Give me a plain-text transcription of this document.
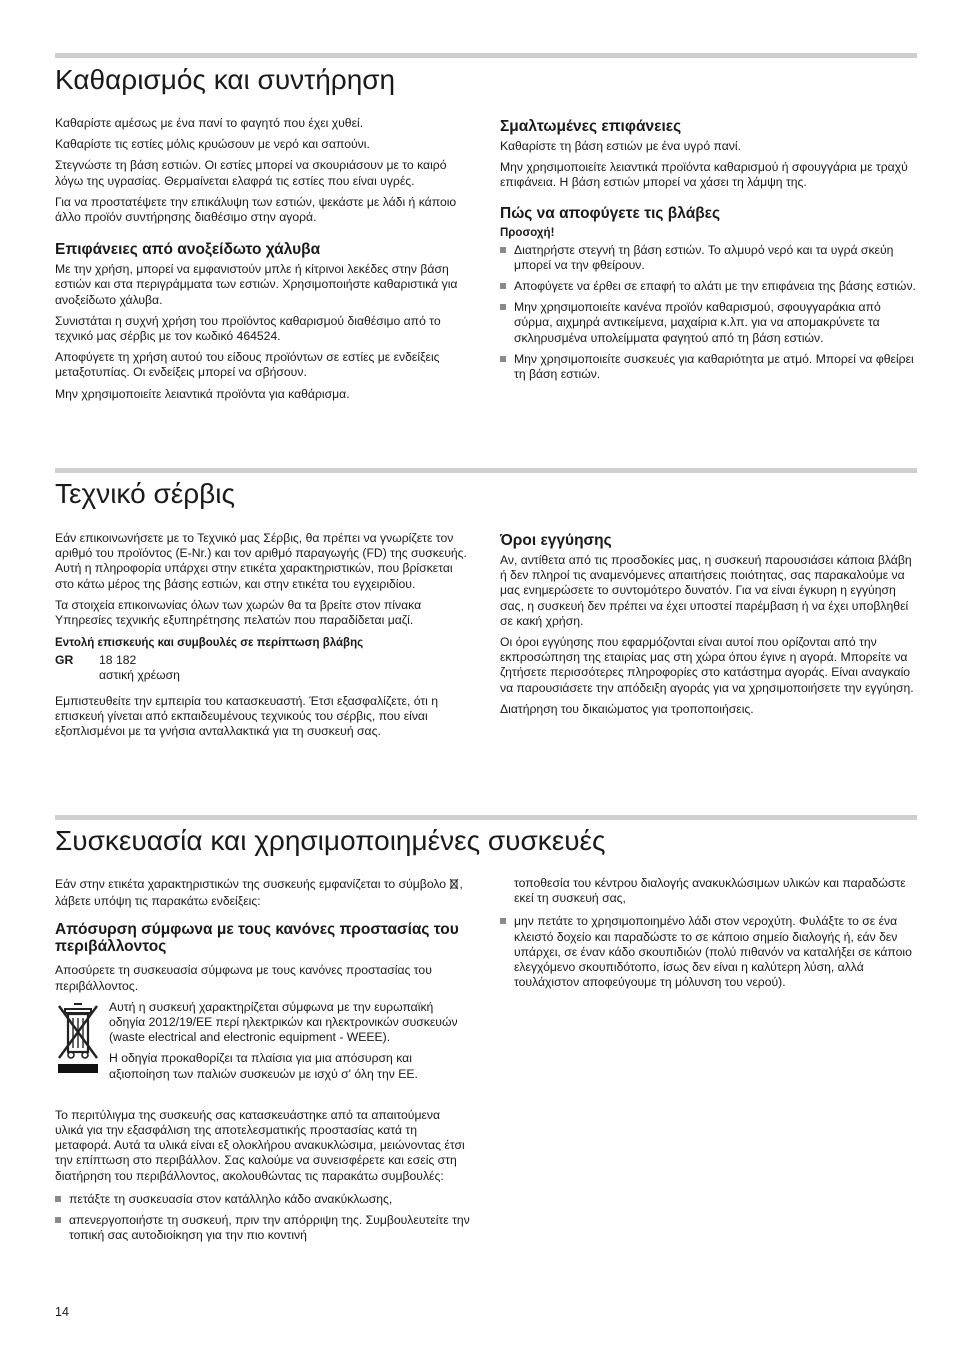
Καθαρισμός και συντήρηση

Καθαρίστε αμέσως με ένα πανί το φαγητό που έχει χυθεί.

Καθαρίστε τις εστίες μόλις κρυώσουν με νερό και σαπούνι.

Στεγνώστε τη βάση εστιών. Οι εστίες μπορεί να σκουριάσουν με το καιρό λόγω της υγρασίας. Θερμαίνεται ελαφρά τις εστίες που είναι υγρές.

Για να προστατέψετε την επικάλυψη των εστιών, ψεκάστε με λάδι ή κάποιο άλλο προϊόν συντήρησης διαθέσιμο στην αγορά.

Επιφάνειες από ανοξείδωτο χάλυβα

Με την χρήση, μπορεί να εμφανιστούν μπλε ή κίτρινοι λεκέδες στην βάση εστιών και στα περιγράμματα των εστιών. Χρησιμοποιήστε καθαριστικά για ανοξείδωτο χάλυβα.

Συνιστάται η συχνή χρήση του προϊόντος καθαρισμού διαθέσιμο από το τεχνικό μας σέρβις με τον κωδικό 464524.

Αποφύγετε τη χρήση αυτού του είδους προϊόντων σε εστίες με ενδείξεις μεταξοτυπίας. Οι ενδείξεις μπορεί να σβήσουν.

Μην χρησιμοποιείτε λειαντικά προϊόντα για καθάρισμα.

Σμαλτωμένες επιφάνειες

Καθαρίστε τη βάση εστιών με ένα υγρό πανί.

Μην χρησιμοποιείτε λειαντικά προϊόντα καθαρισμού ή σφουγγάρια με τραχύ επιφάνεια. Η βάση εστιών μπορεί να χάσει τη λάμψη της.

Πώς να αποφύγετε τις βλάβες
Προσοχή!
Διατηρήστε στεγνή τη βάση εστιών. Το αλμυρό νερό και τα υγρά σκεύη μπορεί να την φθείρουν.
Αποφύγετε να έρθει σε επαφή το αλάτι με την επιφάνεια της βάσης εστιών.
Μην χρησιμοποιείτε κανένα προϊόν καθαρισμού, σφουγγαράκια από σύρμα, αιχμηρά αντικείμενα, μαχαίρια κ.λπ. για να απομακρύνετε τα σκληρυσμένα υπολείμματα φαγητού από τη βάση εστιών.
Μην χρησιμοποιείτε συσκευές για καθαριότητα με ατμό. Μπορεί να φθείρει τη βάση εστιών.
Τεχνικό σέρβις

Εάν επικοινωνήσετε με το Τεχνικό μας Σέρβις, θα πρέπει να γνωρίζετε τον αριθμό του προϊόντος (E-Nr.) και τον αριθμό παραγωγής (FD) της συσκευής. Αυτή η πληροφορία υπάρχει στην ετικέτα χαρακτηριστικών, που βρίσκεται στο κάτω μέρος της βάσης εστιών, και στην ετικέτα του εγχειριδίου.

Τα στοιχεία επικοινωνίας όλων των χωρών θα τα βρείτε στον πίνακα Υπηρεσίες τεχνικής εξυπηρέτησης πελατών που παραδίδεται μαζί.

Εντολή επισκευής και συμβουλές σε περίπτωση βλάβης
GR	18 182
αστική χρέωση

Εμπιστευθείτε την εμπειρία του κατασκευαστή. Έτσι εξασφαλίζετε, ότι η επισκευή γίνεται από εκπαιδευμένους τεχνικούς του σέρβις, που είναι εξοπλισμένοι με τα γνήσια ανταλλακτικά για τη συσκευή σας.

Όροι εγγύησης

Αν, αντίθετα από τις προσδοκίες μας, η συσκευή παρουσιάσει κάποια βλάβη ή δεν πληροί τις αναμενόμενες απαιτήσεις ποιότητας, σας παρακαλούμε να μας ενημερώσετε το συντομότερο δυνατόν. Για να είναι έγκυρη η εγγύηση σας, η συσκευή δεν πρέπει να έχει υποστεί παρέμβαση ή να έχει υποβληθεί σε κακή χρήση.

Οι όροι εγγύησης που εφαρμόζονται είναι αυτοί που ορίζονται από την εκπροσώπηση της εταιρίας μας στη χώρα όπου έγινε η αγορά. Μπορείτε να ζητήσετε περισσότερες πληροφορίες στο κατάστημα αγοράς. Είναι αναγκαίο να παρουσιάσετε την απόδειξη αγοράς για να χρησιμοποιήσετε την εγγύηση.

Διατήρηση του δικαιώματος για τροποποιήσεις.

Συσκευασία και χρησιμοποιημένες συσκευές

Εάν στην ετικέτα χαρακτηριστικών της συσκευής εμφανίζεται το σύμβολο , λάβετε υπόψη τις παρακάτω ενδείξεις:

Απόσυρση σύμφωνα με τους κανόνες προστασίας του περιβάλλοντος

Αποσύρετε τη συσκευασία σύμφωνα με τους κανόνες προστασίας του περιβάλλοντος.

Αυτή η συσκευή χαρακτηρίζεται σύμφωνα με την ευρωπαϊκή οδηγία 2012/19/ΕΕ περί ηλεκτρικών και ηλεκτρονικών συσκευών (waste electrical and electronic equipment - WEEE).

Η οδηγία προκαθορίζει τα πλαίσια για μια απόσυρση και αξιοποίηση των παλιών συσκευών με ισχύ σ' όλη την ΕΕ.

Το περιτύλιγμα της συσκευής σας κατασκευάστηκε από τα απαιτούμενα υλικά για την εξασφάλιση της αποτελεσματικής προστασίας κατά τη μεταφορά. Αυτά τα υλικά είναι εξ ολοκλήρου ανακυκλώσιμα, μειώνοντας έτσι την επίπτωση στο περιβάλλον. Σας καλούμε να συνεισφέρετε και εσείς στη διατήρηση του περιβάλλοντος, ακολουθώντας τις παρακάτω συμβουλές:

πετάξτε τη συσκευασία στον κατάλληλο κάδο ανακύκλωσης,
απενεργοποιήστε τη συσκευή, πριν την απόρριψη της. Συμβουλευτείτε την τοπική σας αυτοδιοίκηση για την πιο κοντινή

τοποθεσία του κέντρου διαλογής ανακυκλώσιμων υλικών και παραδώστε εκεί τη συσκευή σας,

μην πετάτε το χρησιμοποιημένο λάδι στον νεροχύτη. Φυλάξτε το σε ένα κλειστό δοχείο και παραδώστε το σε κάποιο σημείο διαλογής ή, εάν δεν υπάρχει, σε έναν κάδο σκουπιδιών (πολύ πιθανόν να καταλήξει σε κάποιο ελεγχόμενο σκουπιδότοπο, ίσως δεν είναι η καλύτερη λύση, αλλά τουλάχιστον αποφεύγουμε τη μόλυνση του νερού).
14
